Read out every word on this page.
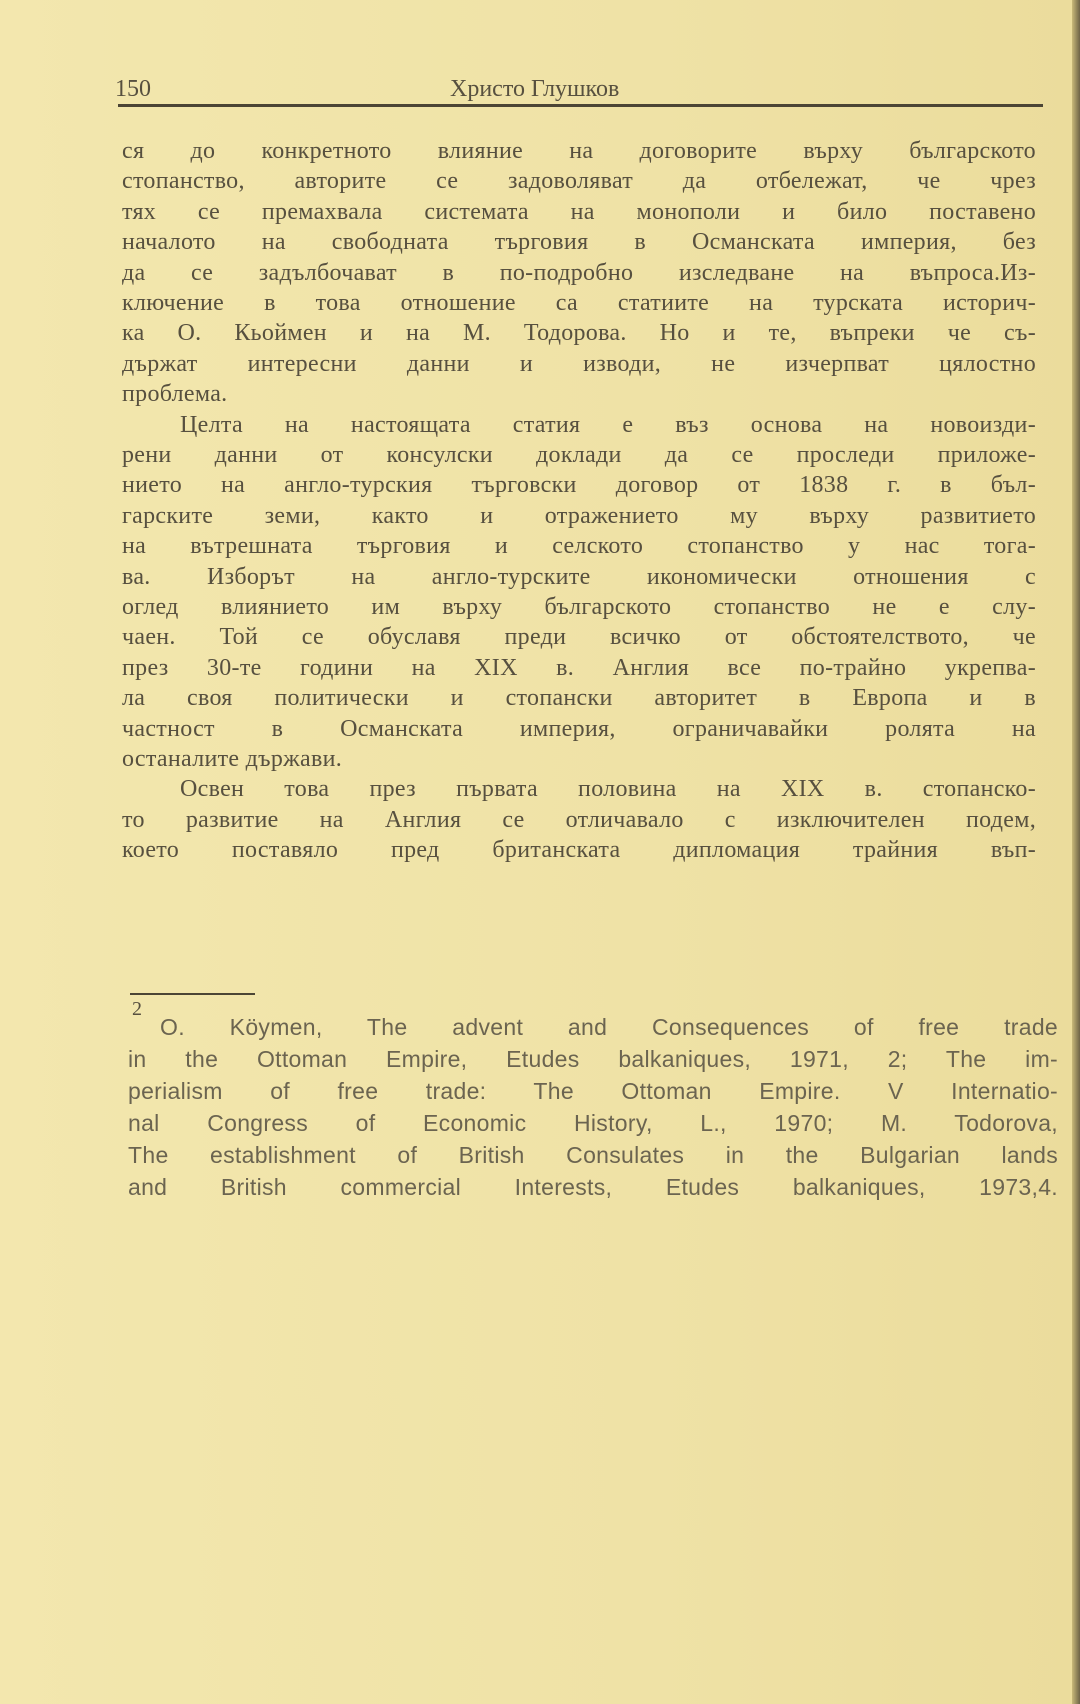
150	Христо Глушков
ся до конкретното влияние на договорите върху българското
стопанство, авторите се задоволяват да отбележат, че чрез
тях се премахвала системата на монополи и било поставено
началото на свободната търговия в Османската империя, без
да се задълбочават в по-подробно изследване на въпроса.Из-
ключение в това отношение са статиите на турската историч-
ка О. Кьоймен и на М. Тодорова. Но и те, въпреки че съ-
държат интересни данни и изводи, не изчерпват цялостно
проблема.
Целта на настоящата статия е въз основа на новоизди-
рени данни от консулски доклади да се проследи приложе-
нието на англо-турския търговски договор от 1838 г. в бъл-
гарските земи, както и отражението му върху развитието
на вътрешната търговия и селското стопанство у нас тога-
ва. Изборът на англо-турските икономически отношения с
оглед влиянието им върху българското стопанство не е слу-
чаен. Той се обуславя преди всичко от обстоятелството, че
през 30-те години на XIX в. Англия все по-трайно укрепва-
ла своя политически и стопански авторитет в Европа и в
частност в Османската империя, ограничавайки ролята на
останалите държави.
Освен това през първата половина на XIX в. стопанско-
то развитие на Англия се отличавало с изключителен подем,
което поставяло пред британската дипломация трайния въп-
2
O. Köymen, The advent and Consequences of free trade
in the Ottoman Empire, Etudes balkaniques, 1971, 2; The im-
perialism of free trade: The Ottoman Empire. V Internatio-
nal Congress of Economic History, L., 1970; M. Todorova,
The establishment of British Consulates in the Bulgarian lands
and British commercial Interests, Etudes balkaniques, 1973,4.
